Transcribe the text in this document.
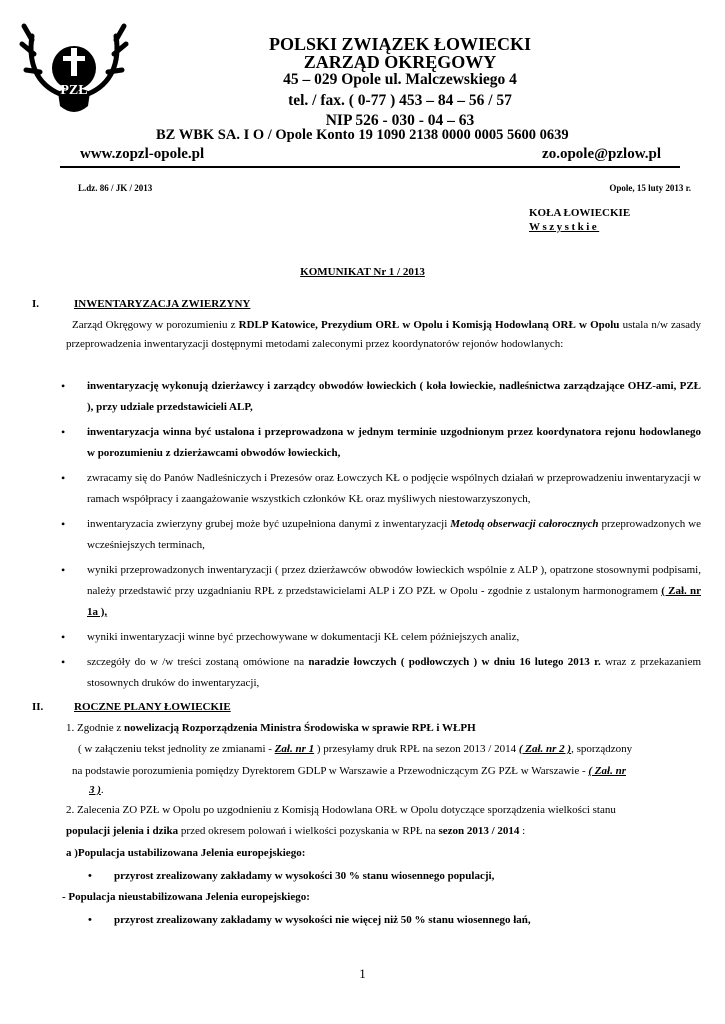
PZŁ
POLSKI ZWIĄZEK ŁOWIECKI
ZARZĄD OKRĘGOWY
45 – 029 Opole ul. Malczewskiego 4
tel. / fax. ( 0-77 ) 453 – 84 – 56 / 57
NIP 526 - 030 - 04 – 63
BZ WBK SA. I O / Opole Konto 19 1090 2138 0000 0005 5600 0639
www.zopzl-opole.pl	zo.opole@pzlow.pl
L.dz. 86 / JK / 2013	Opole, 15 luty 2013 r.
KOŁA ŁOWIECKIE
Wszystkie
KOMUNIKAT Nr 1 / 2013
I.	INWENTARYZACJA ZWIERZYNY
Zarząd Okręgowy w porozumieniu z RDLP Katowice, Prezydium ORŁ w Opolu i Komisją Hodowlaną ORŁ w Opolu ustala n/w zasady przeprowadzenia inwentaryzacji dostępnymi metodami zaleconymi przez koordynatorów rejonów hodowlanych:
• inwentaryzację wykonują dzierżawcy i zarządcy obwodów łowieckich ( koła łowieckie, nadleśnictwa zarządzające OHZ-ami, PZŁ ), przy udziale przedstawicieli ALP,
• inwentaryzacja winna być ustalona i przeprowadzona w jednym terminie uzgodnionym przez koordynatora rejonu hodowlanego w porozumieniu z dzierżawcami obwodów łowieckich,
• zwracamy się do Panów Nadleśniczych i Prezesów oraz Łowczych KŁ o podjęcie wspólnych działań w przeprowadzeniu inwentaryzacji w ramach współpracy i zaangażowanie wszystkich członków KŁ oraz myśliwych niestowarzyszonych,
• inwentaryzacia zwierzyny grubej może być uzupełniona danymi z inwentaryzacji Metodą obserwacji całorocznych przeprowadzonych we wcześniejszych terminach,
• wyniki przeprowadzonych inwentaryzacji ( przez dzierżawców obwodów łowieckich wspólnie z ALP ), opatrzone stosownymi podpisami, należy przedstawić przy uzgadnianiu RPŁ z przedstawicielami ALP i ZO PZŁ w Opolu - zgodnie z ustalonym harmonogramem ( Zał. nr 1a ),
• wyniki inwentaryzacji winne być przechowywane w dokumentacji KŁ celem późniejszych analiz,
• szczegóły do w /w treści zostaną omówione na naradzie łowczych ( podłowczych ) w dniu 16 lutego 2013 r. wraz z przekazaniem stosownych druków do inwentaryzacji,
II.	ROCZNE PLANY ŁOWIECKIE
1. Zgodnie z nowelizacją Rozporządzenia Ministra Środowiska w sprawie RPŁ i WŁPH
( w załączeniu tekst jednolity ze zmianami - Zał. nr 1 ) przesyłamy druk RPŁ na sezon 2013 / 2014 ( Zał. nr 2 ), sporządzony
na podstawie porozumienia pomiędzy Dyrektorem GDLP w Warszawie a Przewodniczącym ZG PZŁ w Warszawie - ( Zał. nr
3 ).
2. Zalecenia ZO PZŁ w Opolu po uzgodnieniu z Komisją Hodowlana ORŁ w Opolu dotyczące sporządzenia wielkości stanu
populacji jelenia i dzika przed okresem polowań i wielkości pozyskania w RPŁ na sezon 2013 / 2014 :
a )Populacja ustabilizowana Jelenia europejskiego:
• przyrost zrealizowany zakładamy w wysokości 30 % stanu wiosennego populacji,
- Populacja nieustabilizowana Jelenia europejskiego:
• przyrost zrealizowany zakładamy w wysokości nie więcej niż 50 % stanu wiosennego łań,
1
